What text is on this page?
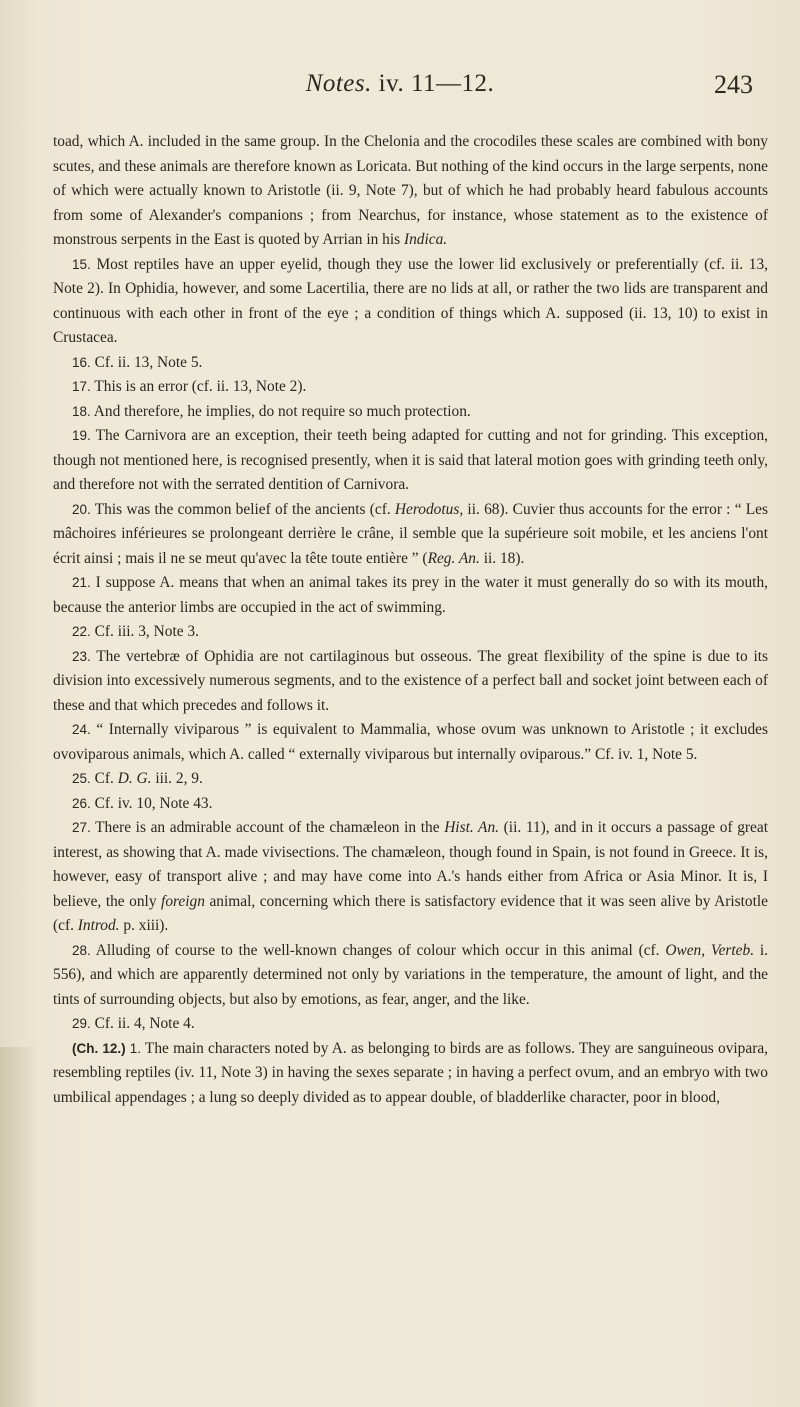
Notes. iv. 11—12.	243

toad, which A. included in the same group. In the Chelonia and the crocodiles these scales are combined with bony scutes, and these animals are therefore known as Loricata. But nothing of the kind occurs in the large serpents, none of which were actually known to Aristotle (ii. 9, Note 7), but of which he had probably heard fabulous accounts from some of Alexander's companions ; from Nearchus, for instance, whose statement as to the existence of monstrous serpents in the East is quoted by Arrian in his Indica.

15. Most reptiles have an upper eyelid, though they use the lower lid exclusively or preferentially (cf. ii. 13, Note 2). In Ophidia, however, and some Lacertilia, there are no lids at all, or rather the two lids are transparent and continuous with each other in front of the eye ; a condition of things which A. supposed (ii. 13, 10) to exist in Crustacea.

16. Cf. ii. 13, Note 5.

17. This is an error (cf. ii. 13, Note 2).

18. And therefore, he implies, do not require so much protection.

19. The Carnivora are an exception, their teeth being adapted for cutting and not for grinding. This exception, though not mentioned here, is recognised presently, when it is said that lateral motion goes with grinding teeth only, and therefore not with the serrated dentition of Carnivora.

20. This was the common belief of the ancients (cf. Herodotus, ii. 68). Cuvier thus accounts for the error : “ Les mâchoires inférieures se prolongeant derrière le crâne, il semble que la supérieure soit mobile, et les anciens l'ont écrit ainsi ; mais il ne se meut qu'avec la tête toute entière ” (Reg. An. ii. 18).

21. I suppose A. means that when an animal takes its prey in the water it must generally do so with its mouth, because the anterior limbs are occupied in the act of swimming.

22. Cf. iii. 3, Note 3.

23. The vertebræ of Ophidia are not cartilaginous but osseous. The great flexibility of the spine is due to its division into excessively numerous segments, and to the existence of a perfect ball and socket joint between each of these and that which precedes and follows it.

24. “ Internally viviparous ” is equivalent to Mammalia, whose ovum was unknown to Aristotle ; it excludes ovoviparous animals, which A. called “ externally viviparous but internally oviparous.” Cf. iv. 1, Note 5.

25. Cf. D. G. iii. 2, 9.

26. Cf. iv. 10, Note 43.

27. There is an admirable account of the chamæleon in the Hist. An. (ii. 11), and in it occurs a passage of great interest, as showing that A. made vivisections. The chamæleon, though found in Spain, is not found in Greece. It is, however, easy of transport alive ; and may have come into A.'s hands either from Africa or Asia Minor. It is, I believe, the only foreign animal, concerning which there is satisfactory evidence that it was seen alive by Aristotle (cf. Introd. p. xiii).

28. Alluding of course to the well-known changes of colour which occur in this animal (cf. Owen, Verteb. i. 556), and which are apparently determined not only by variations in the temperature, the amount of light, and the tints of surrounding objects, but also by emotions, as fear, anger, and the like.

29. Cf. ii. 4, Note 4.

(Ch. 12.) 1. The main characters noted by A. as belonging to birds are as follows. They are sanguineous ovipara, resembling reptiles (iv. 11, Note 3) in having the sexes separate ; in having a perfect ovum, and an embryo with two umbilical appendages ; a lung so deeply divided as to appear double, of bladderlike character, poor in blood,
